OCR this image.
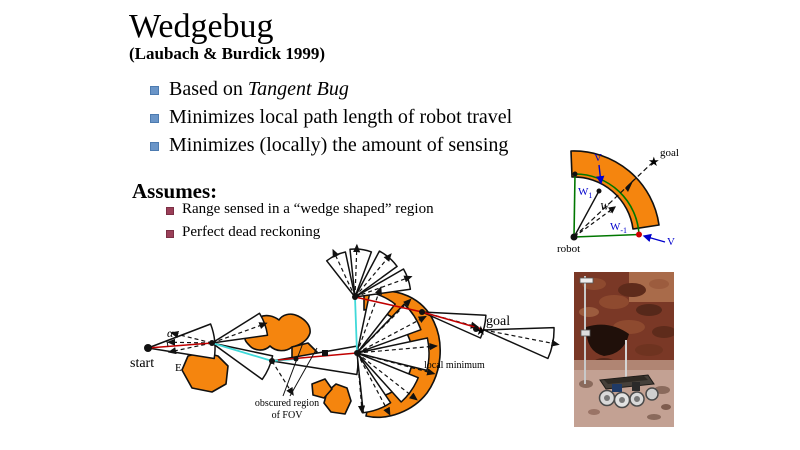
Wedgebug
(Laubach & Burdick 1999)
Based on Tangent Bug
Minimizes local path length of robot travel
Minimizes (locally) the amount of sensing
Assumes:
Range sensed in a “wedge shaped” region
Perfect dead reckoning
goal
★
robot
V
V
$W_1$
$W_0$
$W_{-1}$
start
α
E
goal
★
local minimum
obscured region
of FOV
